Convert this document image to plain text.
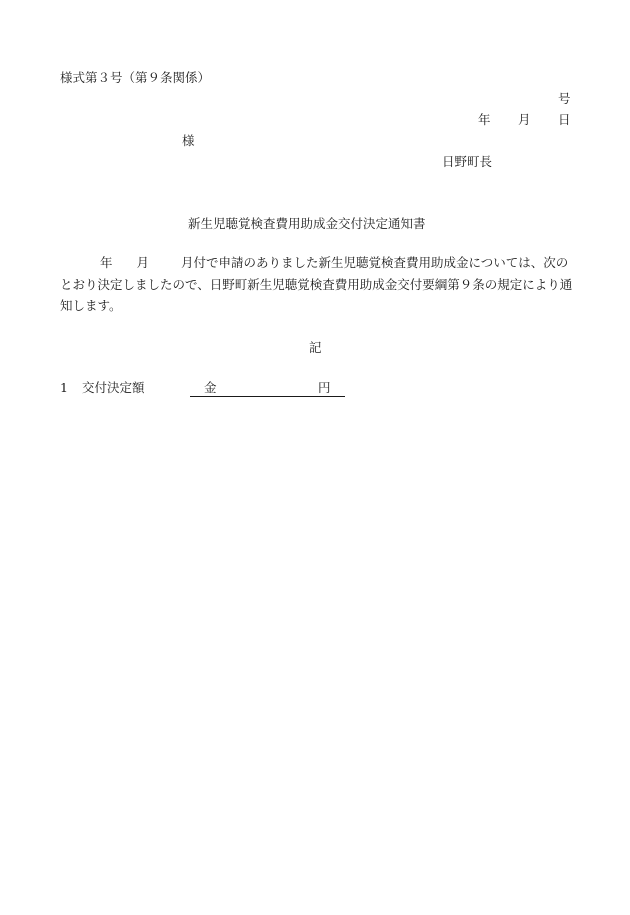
様式第３号（第９条関係）
号
年 月 日
様
日野町長
新生児聴覚検査費用助成金交付決定通知書
年 月	月付で申請のありました新生児聴覚検査費用助成金については、次のとおり決定しましたので、日野町新生児聴覚検査費用助成金交付要綱第９条の規定により通知します。
記
1 交付決定額	金	円
